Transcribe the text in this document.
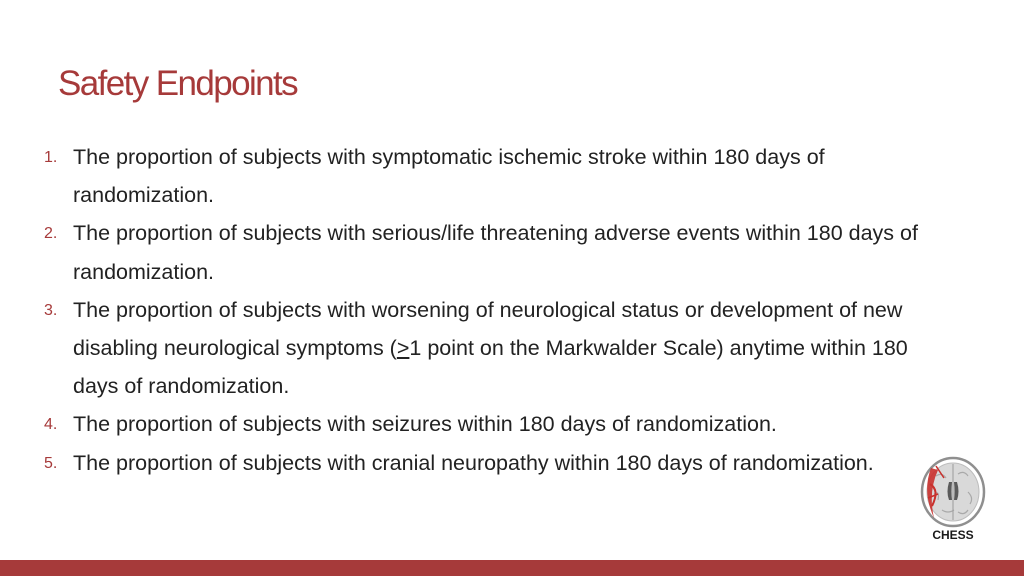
Safety Endpoints
1. The proportion of subjects with symptomatic ischemic stroke within 180 days of randomization.
2. The proportion of subjects with serious/life threatening adverse events within 180 days of randomization.
3. The proportion of subjects with worsening of neurological status or development of new disabling neurological symptoms (≥1 point on the Markwalder Scale) anytime within 180 days of randomization.
4. The proportion of subjects with seizures within 180 days of randomization.
5. The proportion of subjects with cranial neuropathy within 180 days of randomization.
CHESS
